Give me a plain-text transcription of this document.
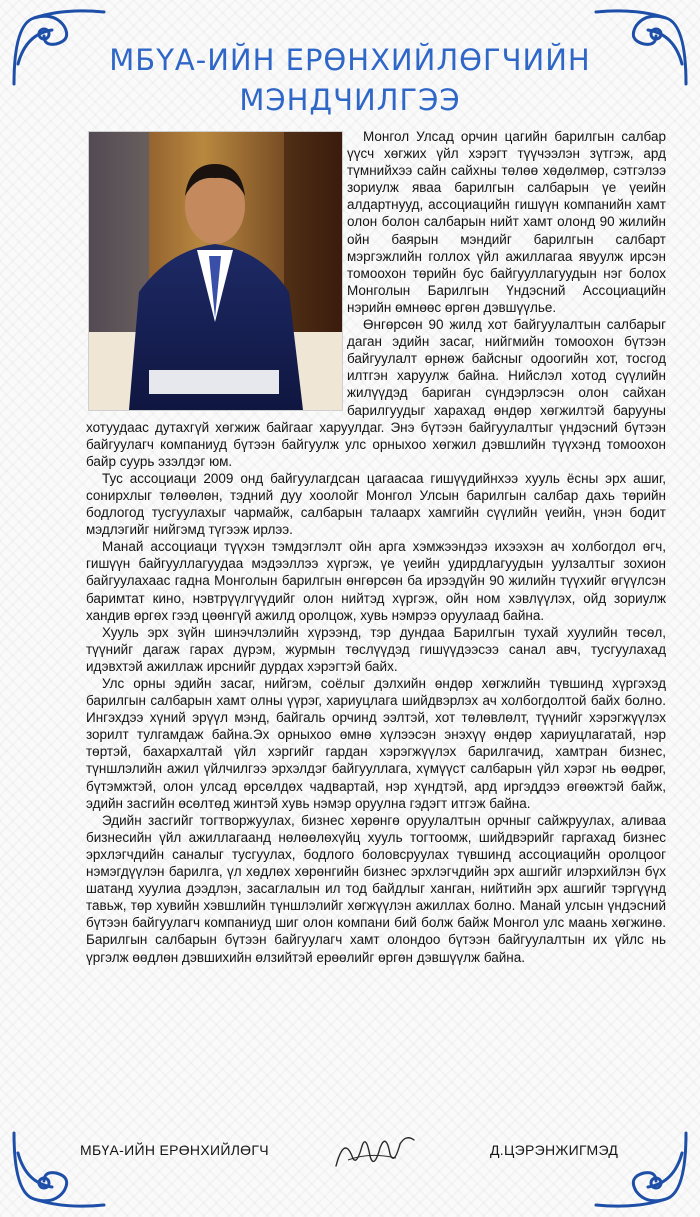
МБҮА-ИЙН ЕРӨНХИЙЛӨГЧИЙН
МЭНДЧИЛГЭЭ

Монгол Улсад орчин цагийн барилгын салбар үүсч хөгжих үйл хэрэгт түүчээлэн зүтгэж, ард түмнийхээ сайн сайхны төлөө хөдөлмөр, сэтгэлээ зориулж яваа барилгын салбарын үе үеийн алдартнууд, ассоциацийн гишүүн компанийн хамт олон болон салбарын нийт хамт олонд 90 жилийн ойн баярын мэндийг барилгын салбарт мэргэжлийн голлох үйл ажиллагаа явуулж ирсэн томоохон төрийн бус байгууллагуудын нэг болох Монголын Барилгын Үндэсний Ассоциацийн нэрийн өмнөөс өргөн дэвшүүлье.

Өнгөрсөн 90 жилд хот байгуулалтын салбарыг даган эдийн засаг, нийгмийн томоохон бүтээн байгуулалт өрнөж байсныг одоогийн хот, тосгод илтгэн харуулж байна. Нийслэл хотод сүүлийн жилүүдэд бариган сүндэрлэсэн олон сайхан барилгуудыг харахад өндөр хөгжилтэй барууны хотуудаас дутахгүй хөгжиж байгааг харуулдаг. Энэ бүтээн байгуулалтыг үндэсний бүтээн байгуулагч компаниуд бүтээн байгуулж улс орныхоо хөгжил дэвшлийн түүхэнд томоохон байр суурь эзэлдэг юм.

Тус ассоциаци 2009 онд байгуулагдсан цагаасаа гишүүдийнхээ хууль ёсны эрх ашиг, сонирхлыг төлөөлөн, тэдний дуу хоолойг Монгол Улсын барилгын салбар дахь төрийн бодлогод тусгуулахыг чармайж, салбарын талаарх хамгийн сүүлийн үеийн, үнэн бодит мэдлэгийг нийгэмд түгээж ирлээ.

Манай ассоциаци түүхэн тэмдэглэлт ойн арга хэмжээндээ ихээхэн ач холбогдол өгч, гишүүн байгууллагуудаа мэдээллээ хүргэж, үе үеийн удирдлагуудын уулзалтыг зохион байгуулахаас гадна Монголын барилгын өнгөрсөн ба ирээдүйн 90 жилийн түүхийг өгүүлсэн баримтат кино, нэвтрүүлгүүдийг олон нийтэд хүргэж, ойн ном хэвлүүлэх, ойд зориулж хандив өргөх гээд цөөнгүй ажилд оролцож, хувь нэмрээ оруулаад байна.

Хууль эрх зүйн шинэчлэлийн хүрээнд, тэр дундаа Барилгын тухай хуулийн төсөл, түүнийг дагаж гарах дүрэм, журмын төслүүдэд гишүүдээсээ санал авч, тусгуулахад идэвхтэй ажиллаж ирснийг дурдах хэрэгтэй байх.

Улс орны эдийн засаг, нийгэм, соёлыг дэлхийн өндөр хөгжлийн түвшинд хүргэхэд барилгын салбарын хамт олны үүрэг, хариуцлага шийдвэрлэх ач холбогдолтой байх болно. Ингэхдээ хүний эрүүл мэнд, байгаль орчинд ээлтэй, хот төлөвлөлт, түүнийг хэрэгжүүлэх зорилт тулгамдаж байна.Эх орныхоо өмнө хүлээсэн энэхүү өндөр хариуцлагатай, нэр төртэй, бахархалтай үйл хэргийг гардан хэрэгжүүлэх барилгачид, хамтран бизнес, түншлэлийн ажил үйлчилгээ эрхэлдэг байгууллага, хүмүүст салбарын үйл хэрэг нь өөдрөг, бүтэмжтэй, олон улсад өрсөлдөх чадвартай, нэр хүндтэй, ард иргэддээ өгөөжтэй байж, эдийн засгийн өсөлтөд жинтэй хувь нэмэр оруулна гэдэгт итгэж байна.

Эдийн засгийг тогтворжуулах, бизнес хөрөнгө оруулалтын орчныг сайжруулах, аливаа бизнесийн үйл ажиллагаанд нөлөөлөхүйц хууль тогтоомж, шийдвэрийг гаргахад бизнес эрхлэгчдийн саналыг тусгуулах, бодлого боловсруулах түвшинд ассоциацийн оролцоог нэмэгдүүлэн барилга, үл хөдлөх хөрөнгийн бизнес эрхлэгчдийн эрх ашгийг илэрхийлэн бүх шатанд хуулиа дээдлэн, засаглалын ил тод байдлыг ханган, нийтийн эрх ашгийг тэргүүнд тавьж, төр хувийн хэвшлийн түншлэлийг хөгжүүлэн ажиллах болно. Манай улсын үндэсний бүтээн байгуулагч компаниуд шиг олон компани бий болж байж Монгол улс маань хөгжинө. Барилгын салбарын бүтээн байгуулагч хамт олондоо бүтээн байгуулалтын их үйлс нь үргэлж өөдлөн дэвшихийн өлзийтэй ерөөлийг өргөн дэвшүүлж байна.

МБҮА-ИЙН ЕРӨНХИЙЛӨГЧ	Д.ЦЭРЭНЖИГМЭД
